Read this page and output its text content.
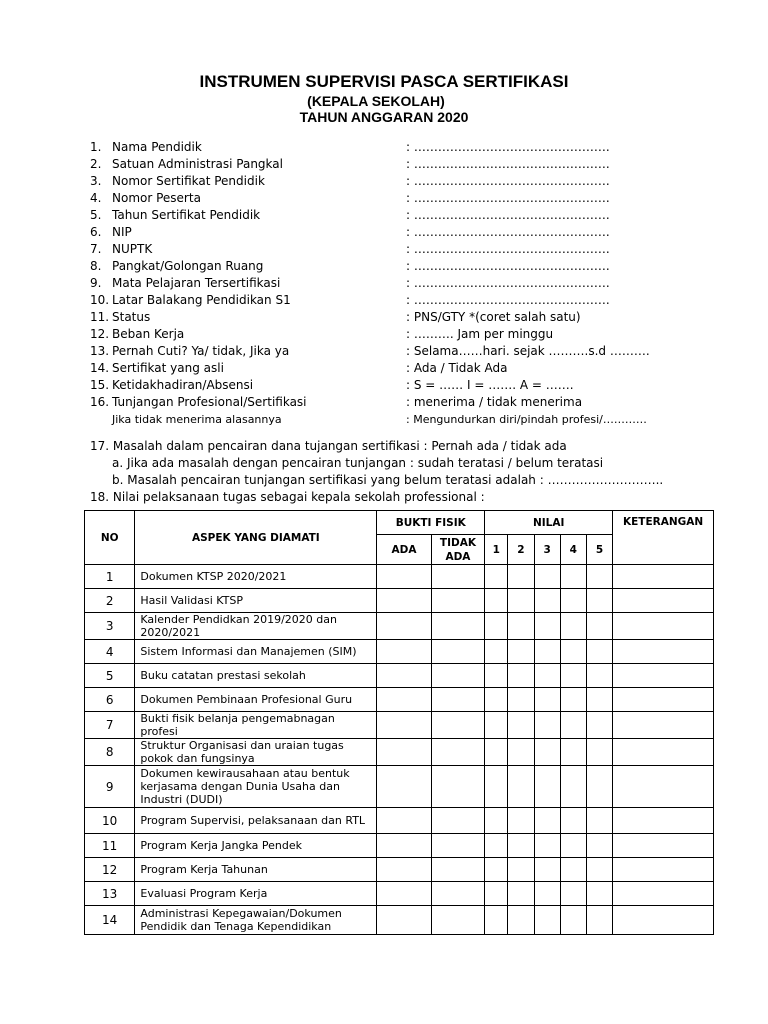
INSTRUMEN SUPERVISI PASCA SERTIFIKASI
(KEPALA SEKOLAH)
TAHUN ANGGARAN 2020
1. Nama Pendidik	: ………………………………………….
2. Satuan Administrasi Pangkal	: ………………………………………….
3. Nomor Sertifikat Pendidik	: ………………………………………….
4. Nomor Peserta	: ………………………………………….
5. Tahun Sertifikat Pendidik	: ………………………………………….
6. NIP	: ………………………………………….
7. NUPTK	: ………………………………………….
8. Pangkat/Golongan Ruang	: ………………………………………….
9. Mata Pelajaran Tersertifikasi	: ………………………………………….
10. Latar Balakang Pendidikan S1	: ………………………………………….
11. Status	: PNS/GTY *(coret salah satu)
12. Beban Kerja	: ………. Jam per minggu
13. Pernah Cuti? Ya/ tidak, Jika ya	: Selama……hari. sejak ……….s.d ……….
14. Sertifikat yang asli	: Ada / Tidak Ada
15. Ketidakhadiran/Absensi	: S = …… I = ……. A = …….
16. Tunjangan Profesional/Sertifikasi	: menerima / tidak menerima
Jika tidak menerima alasannya	: Mengundurkan diri/pindah profesi/…………
17. Masalah dalam pencairan dana tujangan sertifikasi : Pernah ada / tidak ada
a. Jika ada masalah dengan pencairan tunjangan : sudah teratasi / belum teratasi
b. Masalah pencairan tunjangan sertifikasi yang belum teratasi adalah : ………………………..
18. Nilai pelaksanaan tugas sebagai kepala sekolah professional :
NO	ASPEK YANG DIAMATI	BUKTI FISIK		NILAI					KETERANGAN
		ADA	TIDAK ADA	1	2	3	4	5	
1	Dokumen KTSP 2020/2021								
2	Hasil Validasi KTSP								
3	Kalender Pendidkan 2019/2020 dan 2020/2021								
4	Sistem Informasi dan Manajemen (SIM)								
5	Buku catatan prestasi sekolah								
6	Dokumen Pembinaan Profesional Guru								
7	Bukti fisik belanja pengemabnagan profesi								
8	Struktur Organisasi dan uraian tugas pokok dan fungsinya								
9	Dokumen kewirausahaan atau bentuk kerjasama dengan Dunia Usaha dan Industri (DUDI)								
10	Program Supervisi, pelaksanaan dan RTL								
11	Program Kerja Jangka Pendek								
12	Program Kerja Tahunan								
13	Evaluasi Program Kerja								
14	Administrasi Kepegawaian/Dokumen Pendidik dan Tenaga Kependidikan								
